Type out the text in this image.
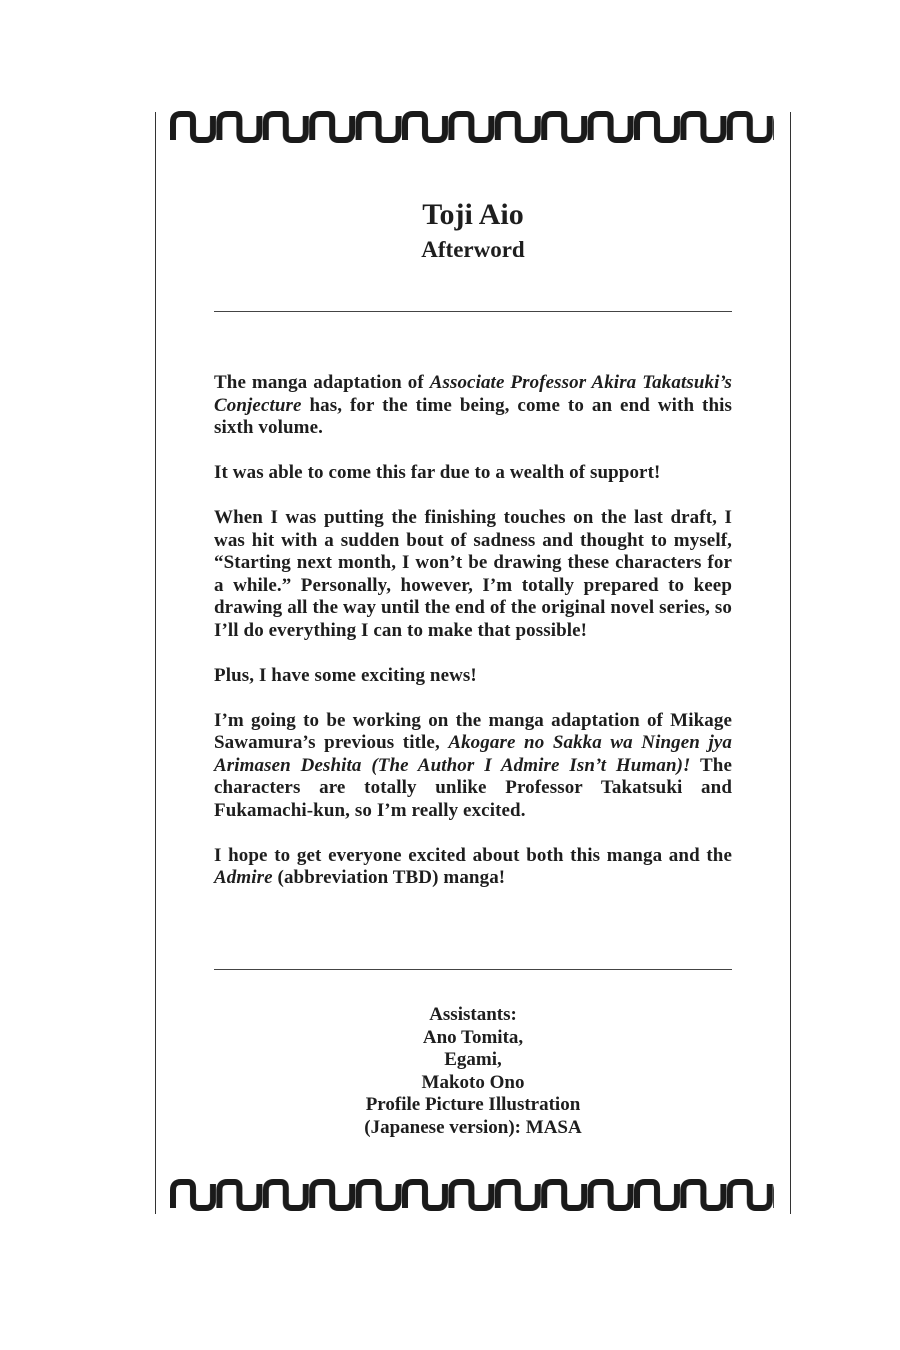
Toji Aio
Afterword

The manga adaptation of Associate Professor Akira Takatsuki’s Conjecture has, for the time being, come to an end with this sixth volume.

It was able to come this far due to a wealth of support!

When I was putting the finishing touches on the last draft, I was hit with a sudden bout of sadness and thought to myself, “Starting next month, I won’t be drawing these characters for a while.” Personally, however, I’m totally prepared to keep drawing all the way until the end of the original novel series, so I’ll do everything I can to make that possible!

Plus, I have some exciting news!

I’m going to be working on the manga adaptation of Mikage Sawamura’s previous title, Akogare no Sakka wa Ningen jya Arimasen Deshita (The Author I Admire Isn’t Human)! The characters are totally unlike Professor Takatsuki and Fukamachi-kun, so I’m really excited.

I hope to get everyone excited about both this manga and the Admire (abbreviation TBD) manga!

Assistants:

Ano Tomita,

Egami,

Makoto Ono

Profile Picture Illustration

(Japanese version): MASA
